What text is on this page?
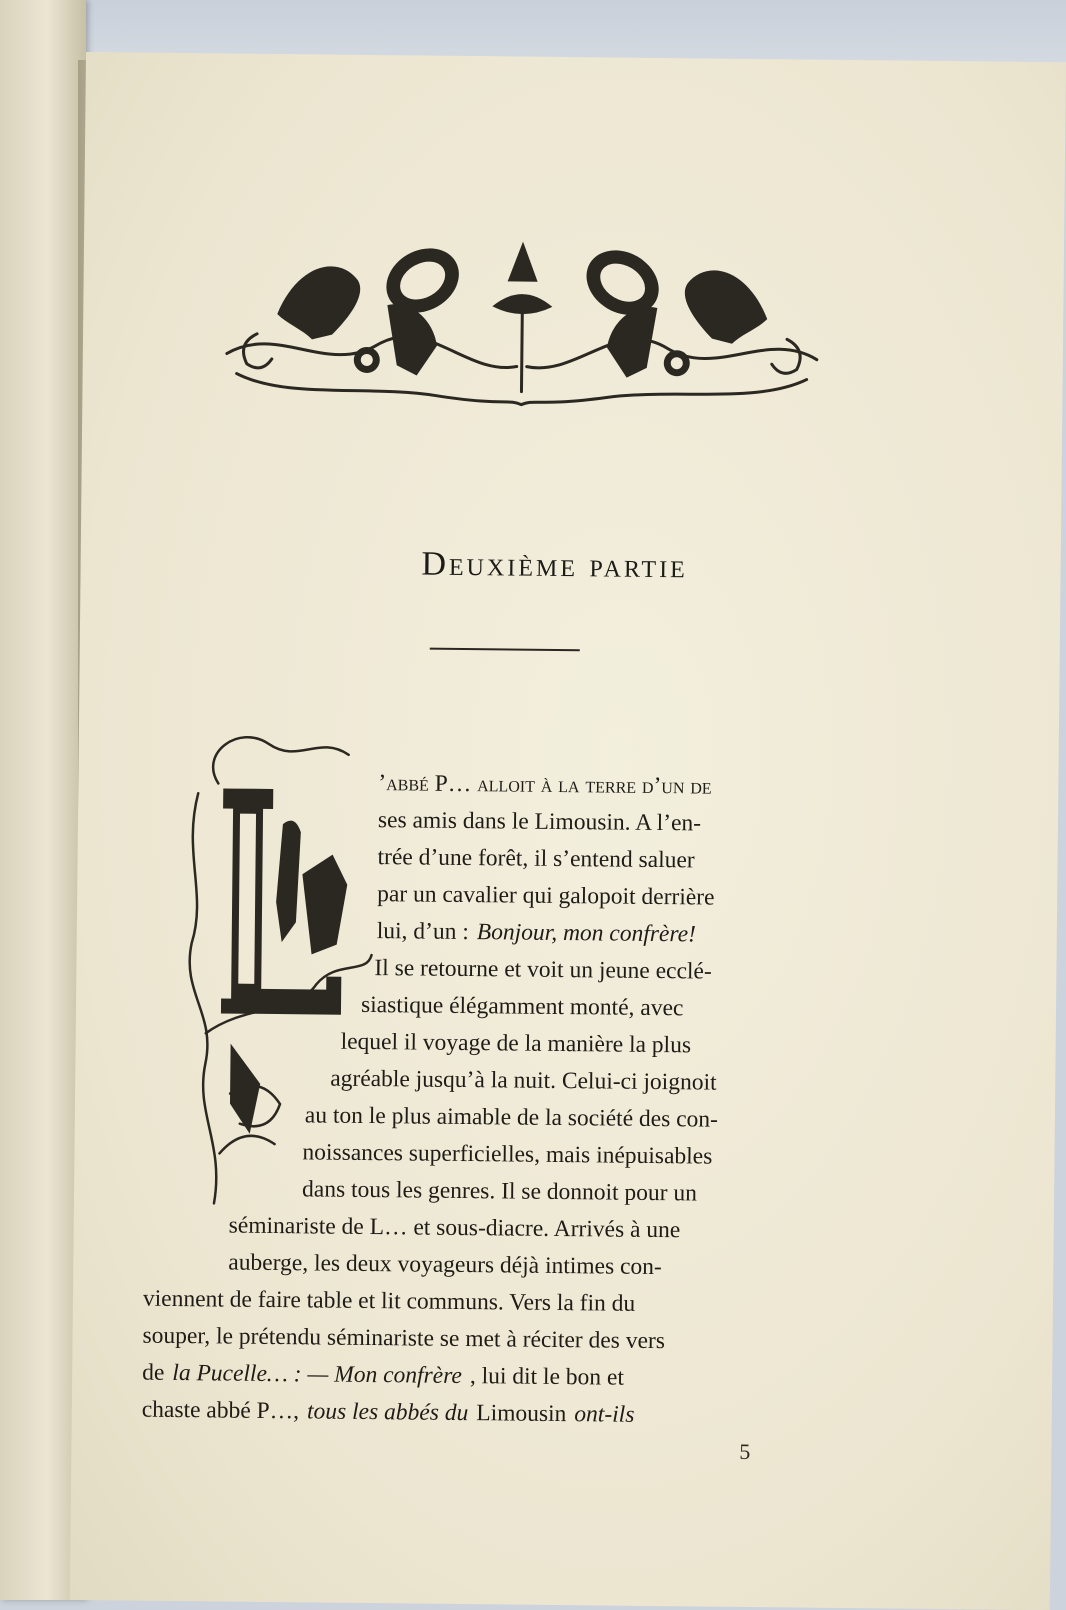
Deuxième partie
’abbé P… alloit à la terre d’un de
ses amis dans le Limousin. A l’en-
trée d’une forêt, il s’entend saluer
par un cavalier qui galopoit derrière
lui, d’un : Bonjour, mon confrère!
Il se retourne et voit un jeune ecclé-
siastique élégamment monté, avec
lequel il voyage de la manière la plus
agréable jusqu’à la nuit. Celui-ci joignoit
au ton le plus aimable de la société des con-
noissances superficielles, mais inépuisables
dans tous les genres. Il se donnoit pour un
séminariste de L… et sous-diacre. Arrivés à une
auberge, les deux voyageurs déjà intimes con-
viennent de faire table et lit communs. Vers la fin du
souper, le prétendu séminariste se met à réciter des vers
de la Pucelle… : — Mon confrère , lui dit le bon et
chaste abbé P…, tous les abbés du Limousin ont-ils
5
